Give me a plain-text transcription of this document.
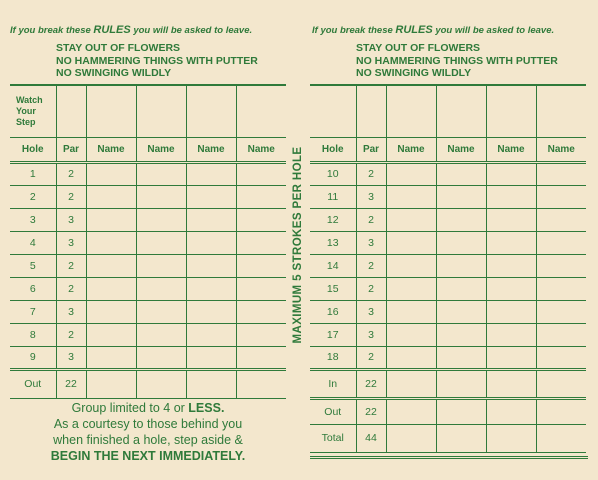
If you break these RULES you will be asked to leave.
STAY OUT OF FLOWERS
NO HAMMERING THINGS WITH PUTTER
NO SWINGING WILDLY
Watch
Your
Step					
Hole	Par	Name	Name	Name	Name
1	2				
2	2				
3	3				
4	3				
5	2				
6	2				
7	3				
8	2				
9	3				
Out	22				
Group limited to 4 or LESS.
As a courtesy to those behind you
when finished a hole, step aside &
BEGIN THE NEXT IMMEDIATELY.
MAXIMUM 5 STROKES PER HOLE
If you break these RULES you will be asked to leave.
STAY OUT OF FLOWERS
NO HAMMERING THINGS WITH PUTTER
NO SWINGING WILDLY

Hole	Par	Name	Name	Name	Name
10	2				
11	3				
12	2				
13	3				
14	2				
15	2				
16	3				
17	3				
18	2				
In	22				
Out	22				
Total	44				
